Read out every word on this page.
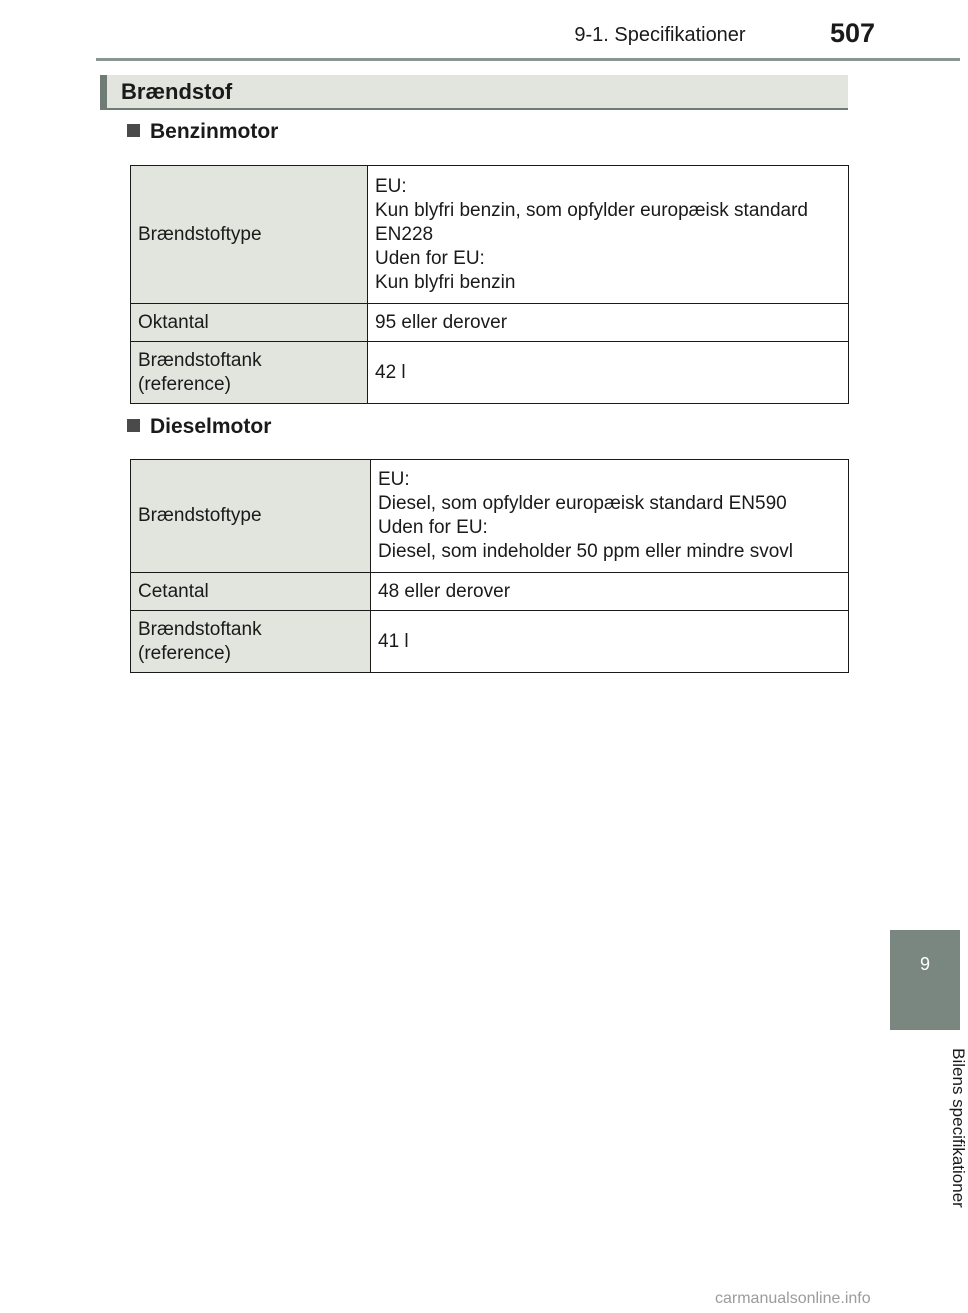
9-1. Specifikationer	507
Brændstof
Benzinmotor
Brændstoftype	EU:
Kun blyfri benzin, som opfylder europæisk standard
EN228
Uden for EU:
Kun blyfri benzin

Oktantal	95 eller derover

Brændstoftank
(reference)	42 l
Dieselmotor
Brændstoftype	EU:
Diesel, som opfylder europæisk standard EN590
Uden for EU:
Diesel, som indeholder 50 ppm eller mindre svovl

Cetantal	48 eller derover

Brændstoftank
(reference)	41 l
9
Bilens specifikationer
carmanualsonline.info
